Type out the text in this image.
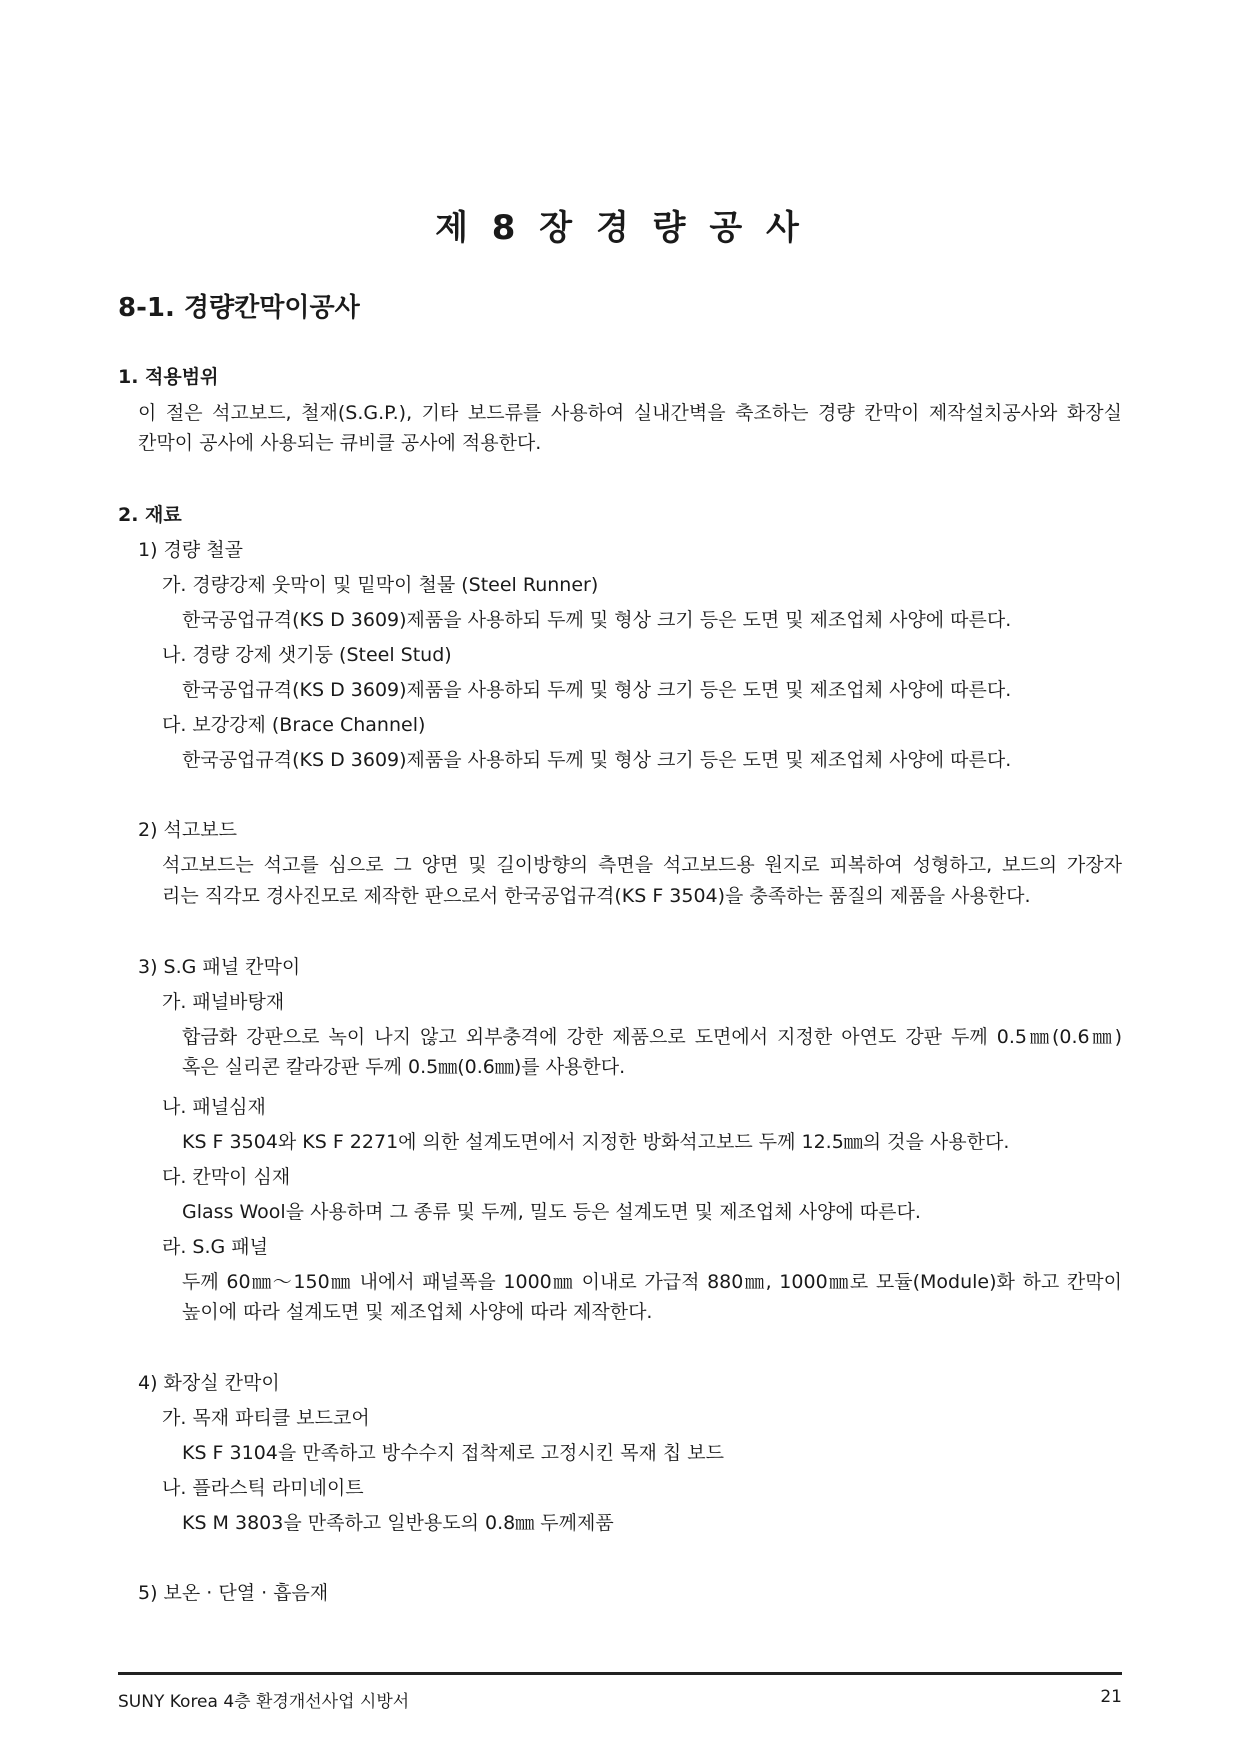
제 8 장 경 량 공 사
8-1. 경량칸막이공사
1. 적용범위
이 절은 석고보드, 철재(S.G.P.), 기타 보드류를 사용하여 실내간벽을 축조하는 경량 칸막이 제작설치공사와 화장실
칸막이 공사에 사용되는 큐비클 공사에 적용한다.
2. 재료
1) 경량 철골
가. 경량강제 웃막이 및 밑막이 철물 (Steel Runner)
한국공업규격(KS D 3609)제품을 사용하되 두께 및 형상 크기 등은 도면 및 제조업체 사양에 따른다.
나. 경량 강제 샛기둥 (Steel Stud)
한국공업규격(KS D 3609)제품을 사용하되 두께 및 형상 크기 등은 도면 및 제조업체 사양에 따른다.
다. 보강강제 (Brace Channel)
한국공업규격(KS D 3609)제품을 사용하되 두께 및 형상 크기 등은 도면 및 제조업체 사양에 따른다.
2) 석고보드
석고보드는 석고를 심으로 그 양면 및 길이방향의 측면을 석고보드용 원지로 피복하여 성형하고, 보드의 가장자
리는 직각모 경사진모로 제작한 판으로서 한국공업규격(KS F 3504)을 충족하는 품질의 제품을 사용한다.
3) S.G 패널 칸막이
가. 패널바탕재
합금화 강판으로 녹이 나지 않고 외부충격에 강한 제품으로 도면에서 지정한 아연도 강판 두께 0.5㎜(0.6㎜)
혹은 실리콘 칼라강판 두께 0.5㎜(0.6㎜)를 사용한다.
나. 패널심재
KS F 3504와 KS F 2271에 의한 설계도면에서 지정한 방화석고보드 두께 12.5㎜의 것을 사용한다.
다. 칸막이 심재
Glass Wool을 사용하며 그 종류 및 두께, 밀도 등은 설계도면 및 제조업체 사양에 따른다.
라. S.G 패널
두께 60㎜～150㎜ 내에서 패널폭을 1000㎜ 이내로 가급적 880㎜, 1000㎜로 모듈(Module)화 하고 칸막이
높이에 따라 설계도면 및 제조업체 사양에 따라 제작한다.
4) 화장실 칸막이
가. 목재 파티클 보드코어
KS F 3104을 만족하고 방수수지 접착제로 고정시킨 목재 칩 보드
나. 플라스틱 라미네이트
KS M 3803을 만족하고 일반용도의 0.8㎜ 두께제품
5) 보온 · 단열 · 흡음재
SUNY Korea 4층 환경개선사업 시방서	21
